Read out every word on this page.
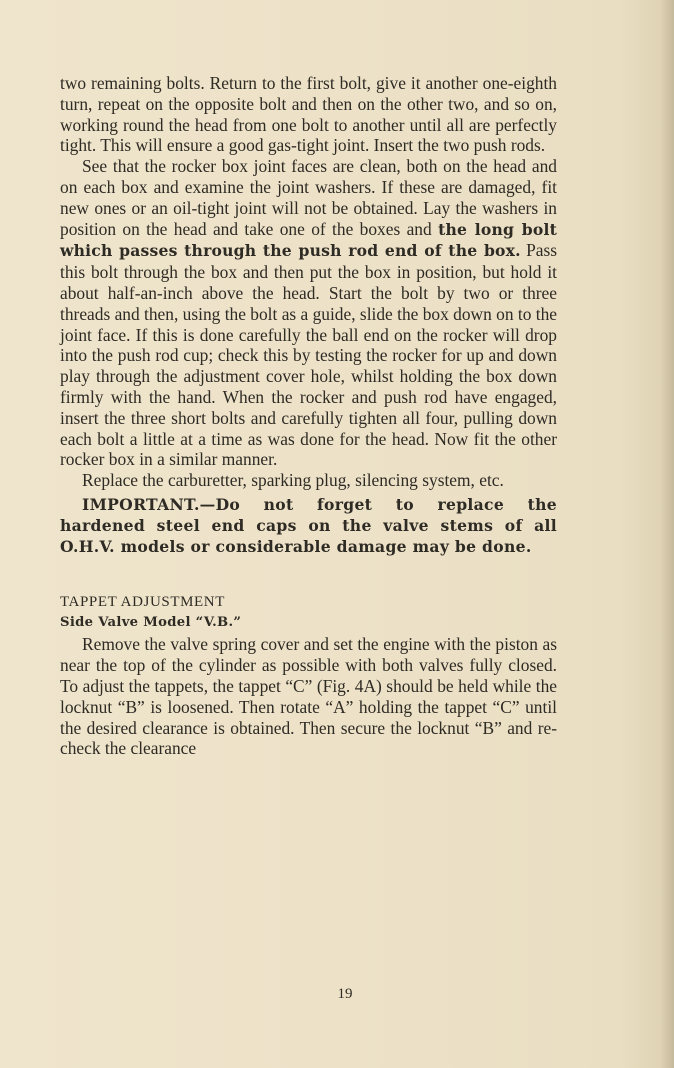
two remaining bolts. Return to the first bolt, give it another one-eighth turn, repeat on the opposite bolt and then on the other two, and so on, working round the head from one bolt to another until all are perfectly tight. This will ensure a good gas-tight joint. Insert the two push rods.

See that the rocker box joint faces are clean, both on the head and on each box and examine the joint washers. If these are damaged, fit new ones or an oil-tight joint will not be obtained. Lay the washers in position on the head and take one of the boxes and the long bolt which passes through the push rod end of the box. Pass this bolt through the box and then put the box in position, but hold it about half-an-inch above the head. Start the bolt by two or three threads and then, using the bolt as a guide, slide the box down on to the joint face. If this is done carefully the ball end on the rocker will drop into the push rod cup; check this by testing the rocker for up and down play through the adjustment cover hole, whilst holding the box down firmly with the hand. When the rocker and push rod have engaged, insert the three short bolts and carefully tighten all four, pulling down each bolt a little at a time as was done for the head. Now fit the other rocker box in a similar manner.

Replace the carburetter, sparking plug, silencing system, etc.

IMPORTANT.—Do not forget to replace the hardened steel end caps on the valve stems of all O.H.V. models or considerable damage may be done.

TAPPET ADJUSTMENT
Side Valve Model “V.B.”

Remove the valve spring cover and set the engine with the piston as near the top of the cylinder as possible with both valves fully closed. To adjust the tappets, the tappet “C” (Fig. 4A) should be held while the locknut “B” is loosened. Then rotate “A” holding the tappet “C” until the desired clearance is obtained. Then secure the locknut “B” and re-check the clearance

19
